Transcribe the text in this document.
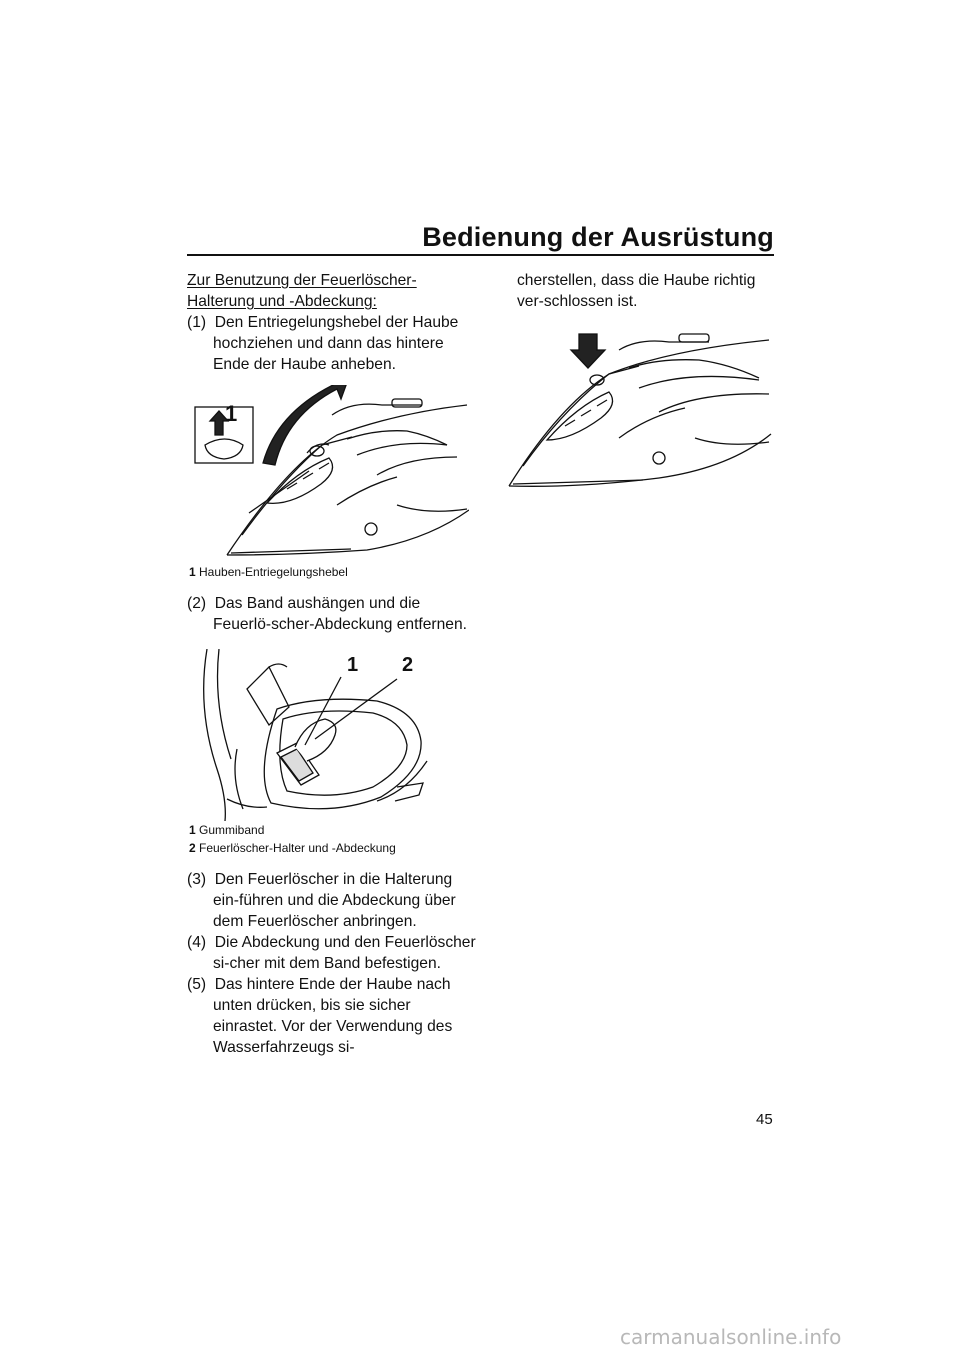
Bedienung der Ausrüstung
Zur Benutzung der Feuerlöscher-Halterung und -Abdeckung:
(1) Den Entriegelungshebel der Haube hochziehen und dann das hintere Ende der Haube anheben.
1
1 Hauben-Entriegelungshebel
(2) Das Band aushängen und die Feuerlö-scher-Abdeckung entfernen.
1 2
1 Gummiband
2 Feuerlöscher-Halter und -Abdeckung
(3) Den Feuerlöscher in die Halterung ein-führen und die Abdeckung über dem Feuerlöscher anbringen.
(4) Die Abdeckung und den Feuerlöscher si-cher mit dem Band befestigen.
(5) Das hintere Ende der Haube nach unten drücken, bis sie sicher einrastet. Vor der Verwendung des Wasserfahrzeugs si-
cherstellen, dass die Haube richtig ver-schlossen ist.
45
carmanualsonline.info
